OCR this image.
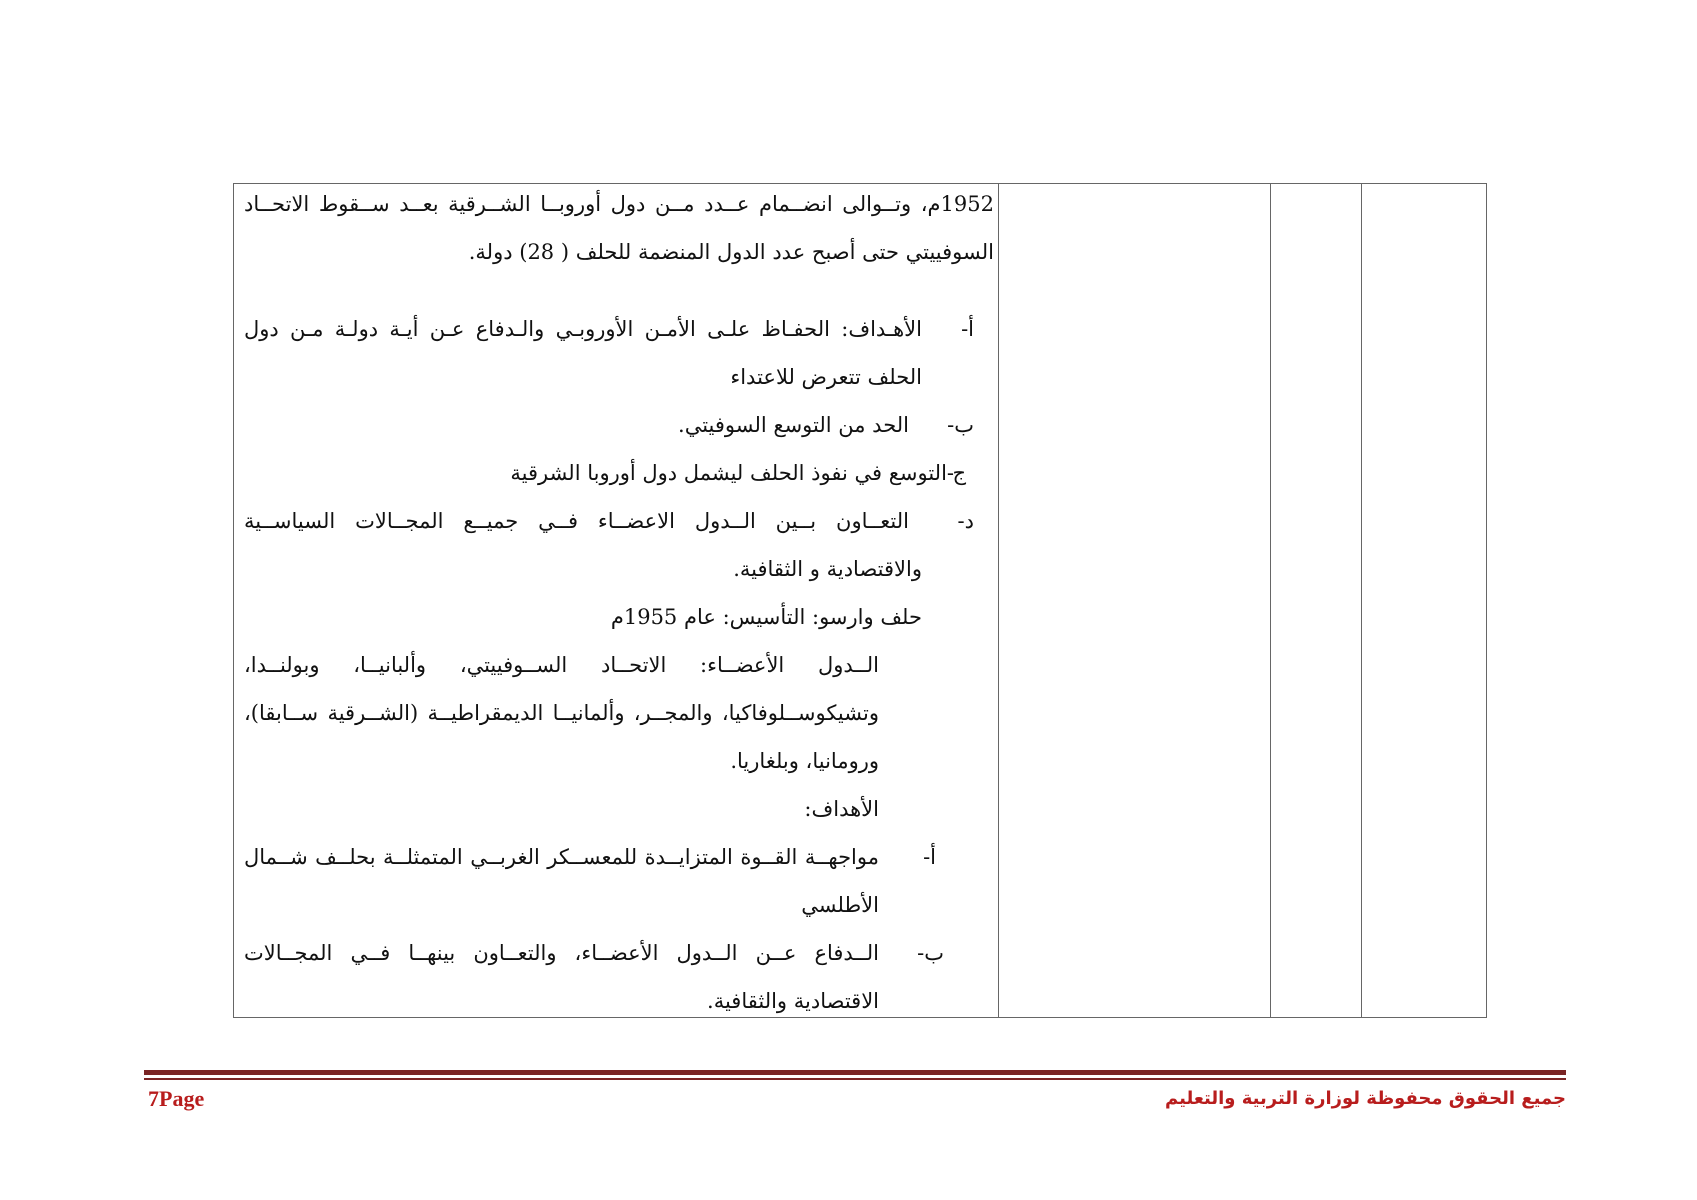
1952م، وتــوالى انضــمام عــدد مــن دول أوروبــا الشــرقية بعــد ســقوط الاتحــاد
السوفييتي حتى أصبح عدد الدول المنضمة للحلف ( 28) دولة.
أ-
الأهـداف: الحفـاظ علـى الأمـن الأوروبـي والـدفاع عـن أيـة دولـة مـن دول
الحلف تتعرض للاعتداء
ب-
الحد من التوسع السوفيتي.
ج
-التوسع في نفوذ الحلف ليشمل دول أوروبا الشرقية
د-
التعــاون بــين الــدول الاعضــاء فــي جميــع المجــالات السياســية
والاقتصادية و الثقافية.
حلف وارسو: التأسيس: عام 1955م
الــدول الأعضــاء: الاتحــاد الســوفييتي، وألبانيــا، وبولنــدا،
وتشيكوســلوفاكيا، والمجــر، وألمانيــا الديمقراطيــة (الشــرقية ســابقا)،
ورومانيا، وبلغاريا.
الأهداف:
أ-
مواجهــة القــوة المتزايــدة للمعســكر الغربــي المتمثلــة بحلــف شــمال
الأطلسي
ب-
الــدفاع عــن الــدول الأعضــاء، والتعــاون بينهــا فــي المجــالات
الاقتصادية والثقافية.
7Page	جميع الحقوق محفوظة لوزارة التربية والتعليم
